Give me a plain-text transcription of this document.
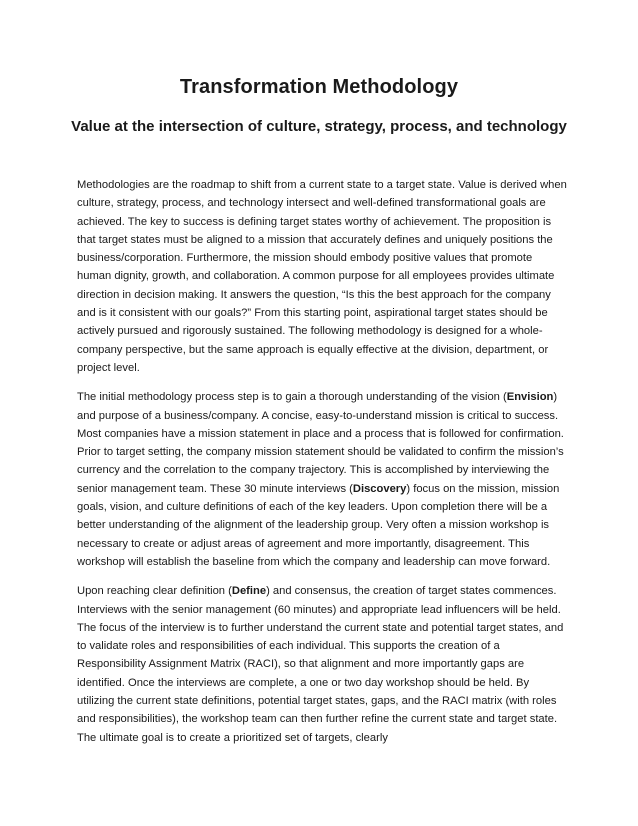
Transformation Methodology
Value at the intersection of culture, strategy, process, and technology

Methodologies are the roadmap to shift from a current state to a target state. Value is derived when culture, strategy, process, and technology intersect and well-defined transformational goals are achieved. The key to success is defining target states worthy of achievement. The proposition is that target states must be aligned to a mission that accurately defines and uniquely positions the business/corporation. Furthermore, the mission should embody positive values that promote human dignity, growth, and collaboration. A common purpose for all employees provides ultimate direction in decision making. It answers the question, “Is this the best approach for the company and is it consistent with our goals?” From this starting point, aspirational target states should be actively pursued and rigorously sustained. The following methodology is designed for a whole-company perspective, but the same approach is equally effective at the division, department, or project level.

The initial methodology process step is to gain a thorough understanding of the vision (Envision) and purpose of a business/company. A concise, easy-to-understand mission is critical to success. Most companies have a mission statement in place and a process that is followed for confirmation. Prior to target setting, the company mission statement should be validated to confirm the mission’s currency and the correlation to the company trajectory. This is accomplished by interviewing the senior management team. These 30 minute interviews (Discovery) focus on the mission, mission goals, vision, and culture definitions of each of the key leaders. Upon completion there will be a better understanding of the alignment of the leadership group. Very often a mission workshop is necessary to create or adjust areas of agreement and more importantly, disagreement. This workshop will establish the baseline from which the company and leadership can move forward.

Upon reaching clear definition (Define) and consensus, the creation of target states commences. Interviews with the senior management (60 minutes) and appropriate lead influencers will be held. The focus of the interview is to further understand the current state and potential target states, and to validate roles and responsibilities of each individual. This supports the creation of a Responsibility Assignment Matrix (RACI), so that alignment and more importantly gaps are identified. Once the interviews are complete, a one or two day workshop should be held. By utilizing the current state definitions, potential target states, gaps, and the RACI matrix (with roles and responsibilities), the workshop team can then further refine the current state and target state. The ultimate goal is to create a prioritized set of targets, clearly
